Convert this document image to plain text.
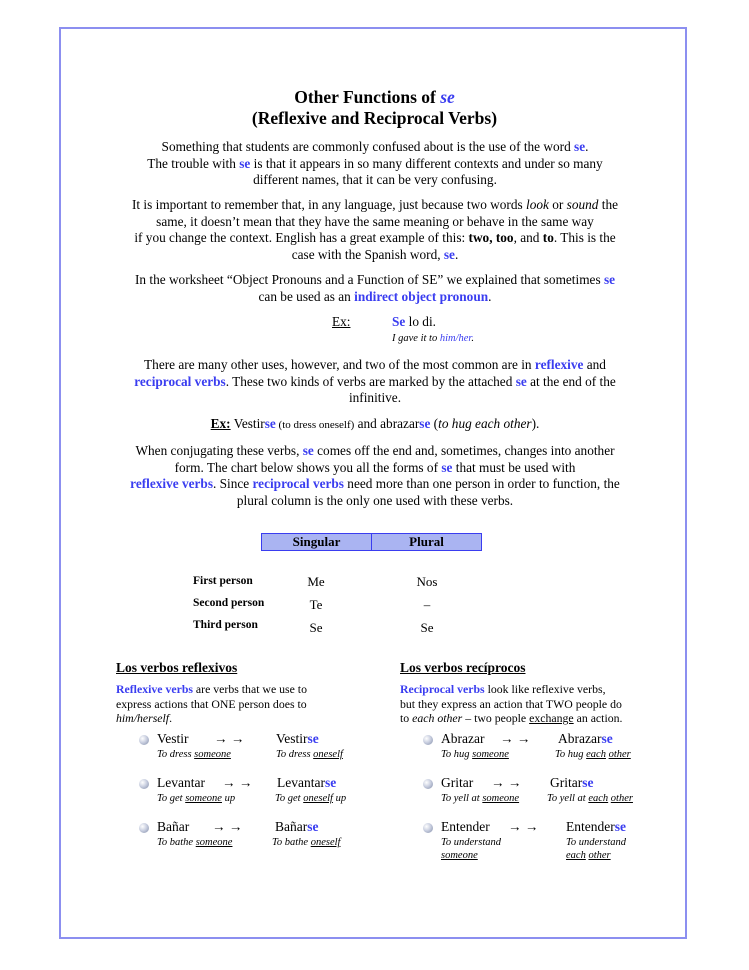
Other Functions of se
(Reflexive and Reciprocal Verbs)
Something that students are commonly confused about is the use of the word se.
The trouble with se is that it appears in so many different contexts and under so many
different names, that it can be very confusing.
It is important to remember that, in any language, just because two words look or sound the
same, it doesn’t mean that they have the same meaning or behave in the same way
if you change the context. English has a great example of this: two, too, and to. This is the
case with the Spanish word, se.
In the worksheet “Object Pronouns and a Function of SE” we explained that sometimes se
can be used as an indirect object pronoun.
Ex:	Se lo di.
I gave it to him/her.
There are many other uses, however, and two of the most common are in reflexive and
reciprocal verbs. These two kinds of verbs are marked by the attached se at the end of the
infinitive.
Ex: Vestirse (to dress oneself) and abrazarse (to hug each other).
When conjugating these verbs, se comes off the end and, sometimes, changes into another
form. The chart below shows you all the forms of se that must be used with
reflexive verbs. Since reciprocal verbs need more than one person in order to function, the
plural column is the only one used with these verbs.
Singular	Plural
First person	Me	Nos
Second person	Te	–
Third person	Se	Se
Los verbos reflexivos
Reflexive verbs are verbs that we use to
express actions that ONE person does to
him/herself.
Vestir → → Vestirse
To dress someone	To dress oneself
Levantar → → Levantarse
To get someone up	To get oneself up
Bañar → → Bañarse
To bathe someone	To bathe oneself
Los verbos recíprocos
Reciprocal verbs look like reflexive verbs,
but they express an action that TWO people do
to each other – two people exchange an action.
Abrazar → → Abrazarse
To hug someone	To hug each other
Gritar → → Gritarse
To yell at someone	To yell at each other
Entender → → Entenderse
To understand
someone
To understand
each other
